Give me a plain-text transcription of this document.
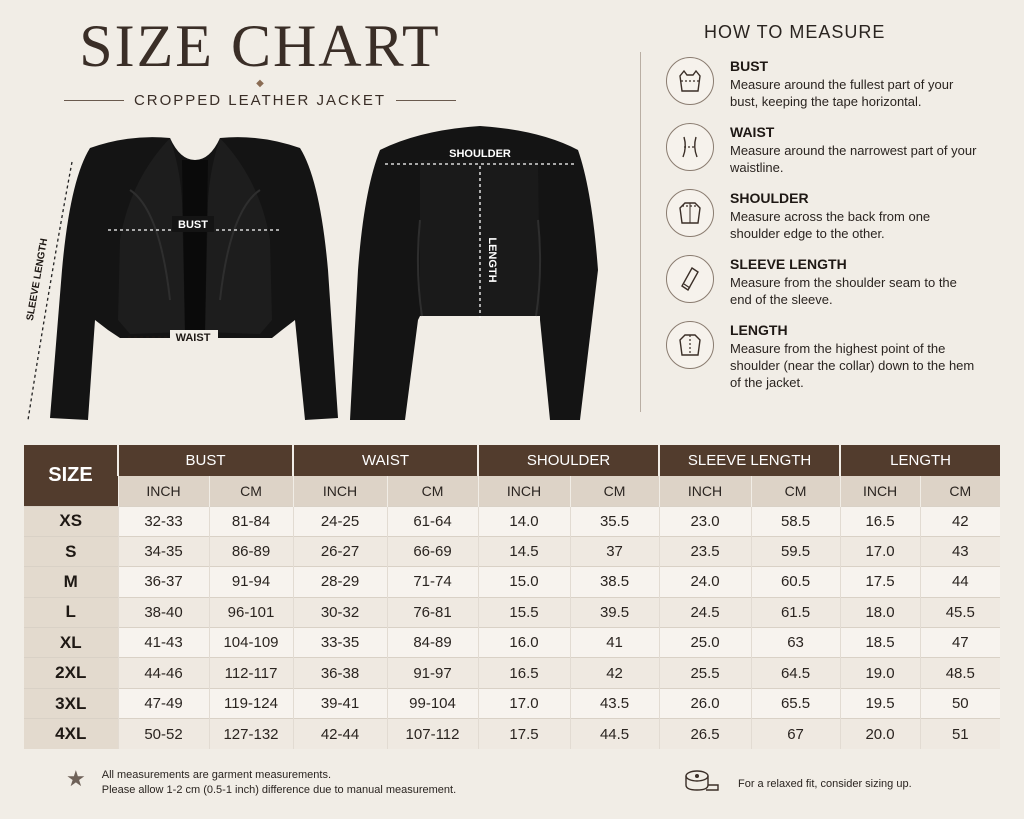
SIZE CHART
◆
CROPPED LEATHER JACKET
SLEEVE LENGTH
BUST
WAIST
SHOULDER
LENGTH
HOW TO MEASURE
BUST
Measure around the fullest part of your bust, keeping the tape horizontal.
WAIST
Measure around the narrowest part of your waistline.
SHOULDER
Measure across the back from one shoulder edge to the other.
SLEEVE LENGTH
Measure from the shoulder seam to the end of the sleeve.
LENGTH
Measure from the highest point of the shoulder (near the collar) down to the hem of the jacket.
SIZE	BUST		WAIST		SHOULDER		SLEEVE LENGTH		LENGTH	
	INCH	CM	INCH	CM	INCH	CM	INCH	CM	INCH	CM
XS	32-33	81-84	24-25	61-64	14.0	35.5	23.0	58.5	16.5	42
S	34-35	86-89	26-27	66-69	14.5	37	23.5	59.5	17.0	43
M	36-37	91-94	28-29	71-74	15.0	38.5	24.0	60.5	17.5	44
L	38-40	96-101	30-32	76-81	15.5	39.5	24.5	61.5	18.0	45.5
XL	41-43	104-109	33-35	84-89	16.0	41	25.0	63	18.5	47
2XL	44-46	112-117	36-38	91-97	16.5	42	25.5	64.5	19.0	48.5
3XL	47-49	119-124	39-41	99-104	17.0	43.5	26.0	65.5	19.5	50
4XL	50-52	127-132	42-44	107-112	17.5	44.5	26.5	67	20.0	51
★ All measurements are garment measurements.
Please allow 1-2 cm (0.5-1 inch) difference due to manual measurement.
For a relaxed fit, consider sizing up.
